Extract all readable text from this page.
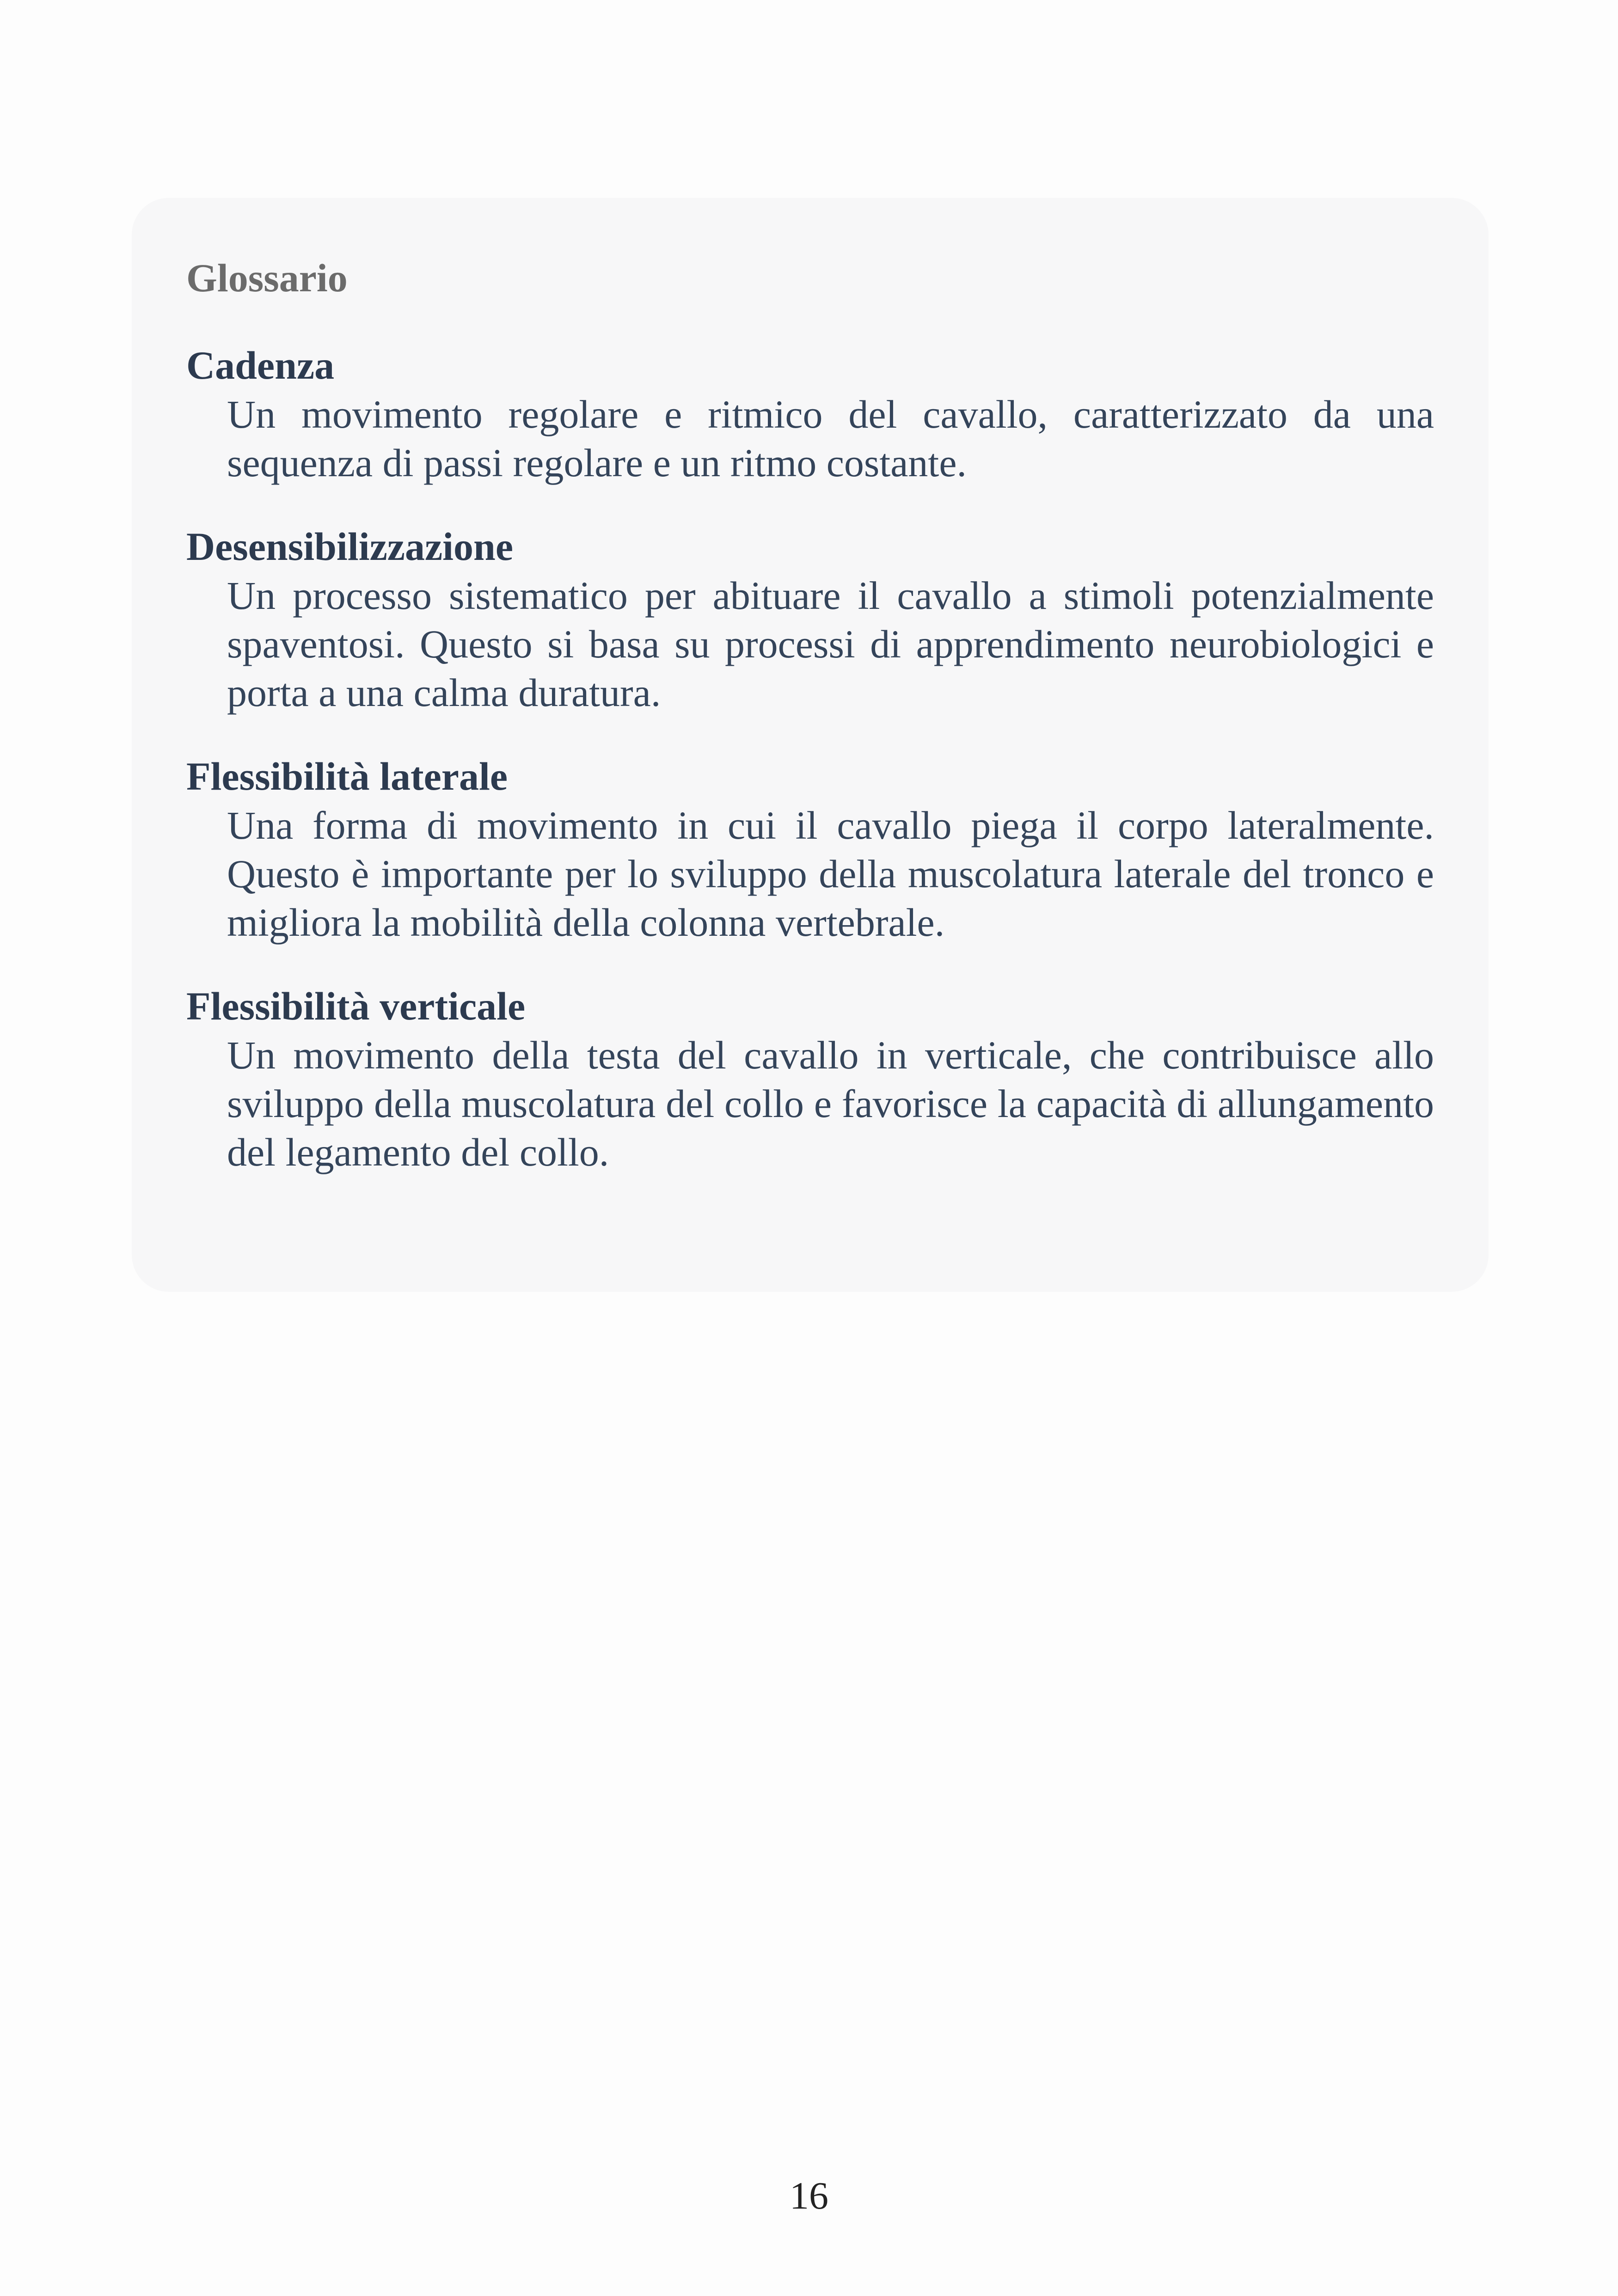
Glossario
Cadenza
Un movimento regolare e ritmico del cavallo, caratterizzato da una sequenza di passi regolare e un ritmo costante.
Desensibilizzazione
Un processo sistematico per abituare il cavallo a stimoli potenzialmente spaventosi. Questo si basa su processi di apprendimento neurobiologici e porta a una calma duratura.
Flessibilità laterale
Una forma di movimento in cui il cavallo piega il corpo lateralmente. Questo è importante per lo sviluppo della muscolatura laterale del tronco e migliora la mobilità della colonna vertebrale.
Flessibilità verticale
Un movimento della testa del cavallo in verticale, che contribuisce allo sviluppo della muscolatura del collo e favorisce la capacità di allungamento del legamento del collo.
16
